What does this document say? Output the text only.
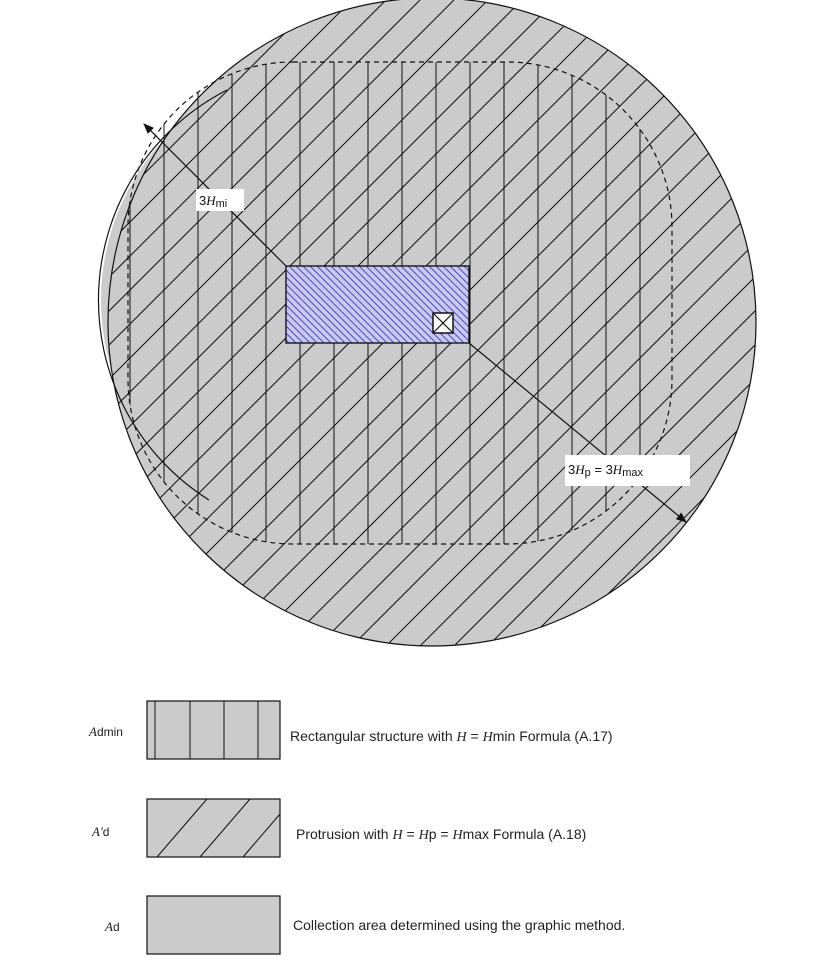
3Hmi
3Hp = 3Hmax
Admin
A′d
Ad
Rectangular structure with H = Hmin Formula (A.17)
Protrusion with H = Hp = Hmax Formula (A.18)
Collection area determined using the graphic method.
